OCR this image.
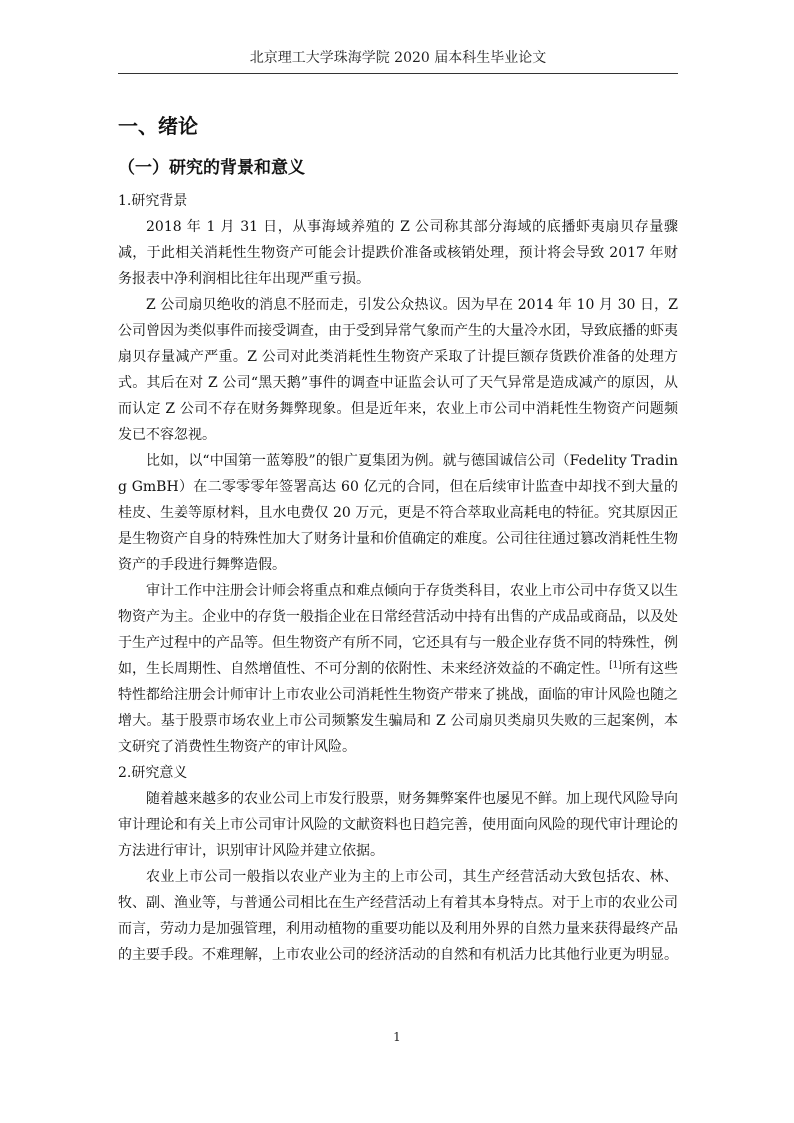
北京理工大学珠海学院 2020 届本科生毕业论文
一、绪论
（一）研究的背景和意义
1.研究背景

2018 年 1 月 31 日，从事海域养殖的 Z 公司称其部分海域的底播虾夷扇贝存量骤减，于此相关消耗性生物资产可能会计提跌价准备或核销处理，预计将会导致 2017 年财务报表中净利润相比往年出现严重亏损。

Z 公司扇贝绝收的消息不胫而走，引发公众热议。因为早在 2014 年 10 月 30 日，Z 公司曾因为类似事件而接受调查，由于受到异常气象而产生的大量冷水团，导致底播的虾夷扇贝存量减产严重。Z 公司对此类消耗性生物资产采取了计提巨额存货跌价准备的处理方式。其后在对 Z 公司“黑天鹅”事件的调查中证监会认可了天气异常是造成减产的原因，从而认定 Z 公司不存在财务舞弊现象。但是近年来，农业上市公司中消耗性生物资产问题频发已不容忽视。

比如，以“中国第一蓝筹股”的银广夏集团为例。就与德国诚信公司（Fedelity Trading GmBH）在二零零零年签署高达 60 亿元的合同，但在后续审计监查中却找不到大量的桂皮、生姜等原材料，且水电费仅 20 万元，更是不符合萃取业高耗电的特征。究其原因正是生物资产自身的特殊性加大了财务计量和价值确定的难度。公司往往通过篡改消耗性生物资产的手段进行舞弊造假。

审计工作中注册会计师会将重点和难点倾向于存货类科目，农业上市公司中存货又以生物资产为主。企业中的存货一般指企业在日常经营活动中持有出售的产成品或商品，以及处于生产过程中的产品等。但生物资产有所不同，它还具有与一般企业存货不同的特殊性，例如，生长周期性、自然增值性、不可分割的依附性、未来经济效益的不确定性。[1]所有这些特性都给注册会计师审计上市农业公司消耗性生物资产带来了挑战，面临的审计风险也随之增大。基于股票市场农业上市公司频繁发生骗局和 Z 公司扇贝类扇贝失败的三起案例，本文研究了消费性生物资产的审计风险。

2.研究意义

随着越来越多的农业公司上市发行股票，财务舞弊案件也屡见不鲜。加上现代风险导向审计理论和有关上市公司审计风险的文献资料也日趋完善，使用面向风险的现代审计理论的方法进行审计，识别审计风险并建立依据。

农业上市公司一般指以农业产业为主的上市公司，其生产经营活动大致包括农、林、牧、副、渔业等，与普通公司相比在生产经营活动上有着其本身特点。对于上市的农业公司而言，劳动力是加强管理，利用动植物的重要功能以及利用外界的自然力量来获得最终产品的主要手段。不难理解，上市农业公司的经济活动的自然和有机活力比其他行业更为明显。

1
